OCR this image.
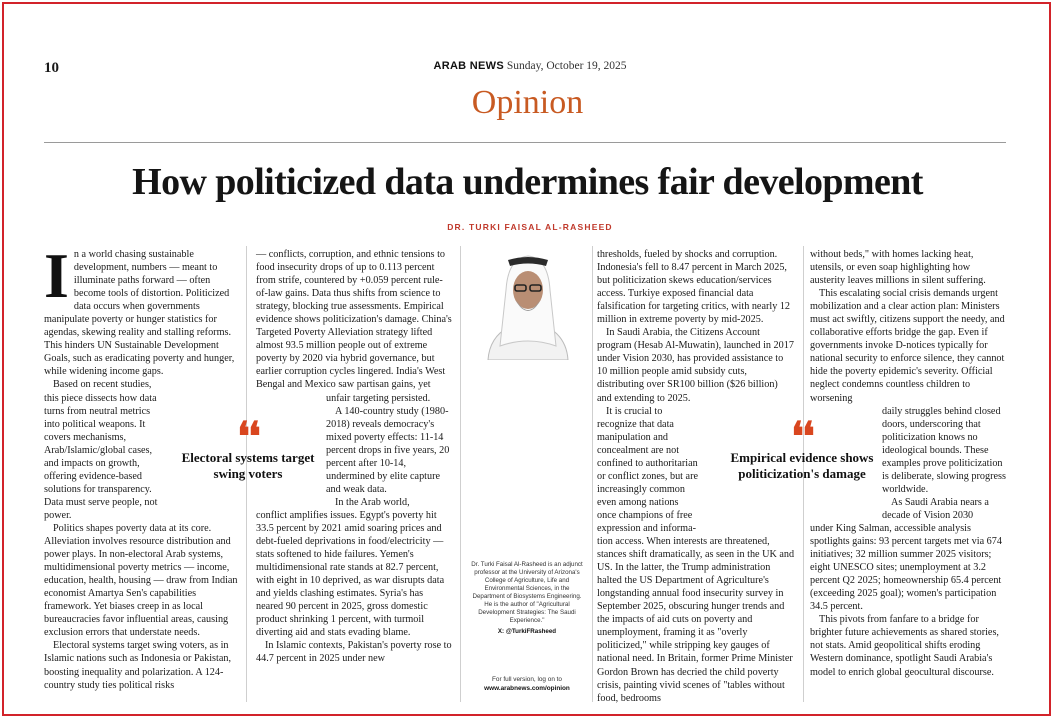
10	ARAB NEWS Sunday, October 19, 2025
Opinion
How politicized data undermines fair development
DR. TURKI FAISAL AL-RASHEED
I n a world chasing sustainable development, numbers — meant to illuminate paths forward — often become tools of distortion. Politicized data occurs when governments manipulate poverty or hunger statistics for agendas, skewing reality and stalling reforms. This hinders UN Sustainable Development Goals, such as eradicating poverty and hunger, while widening income gaps.

Based on recent studies, this piece dissects how data turns from neutral metrics into political weapons. It covers mechanisms, Arab/Islamic/global cases, and impacts on growth, offering evidence-based solutions for transparency. Data must serve people, not power.

Politics shapes poverty data at its core. Alleviation involves resource distribution and power plays. In non-electoral Arab systems, multidimensional poverty metrics — income, education, health, housing — draw from Indian economist Amartya Sen's capabilities framework. Yet biases creep in as local bureaucracies favor influential areas, causing exclusion errors that understate needs.

Electoral systems target swing voters, as in Islamic nations such as Indonesia or Pakistan, boosting inequality and polarization. A 124-country study ties political risks

❛❛
Electoral systems target swing voters

— conflicts, corruption, and ethnic tensions to food insecurity drops of up to 0.113 percent from strife, countered by +0.059 percent rule-of-law gains. Data thus shifts from science to strategy, blocking true assessments. Empirical evidence shows politicization's damage. China's Targeted Poverty Alleviation strategy lifted almost 93.5 million people out of extreme poverty by 2020 via hybrid governance, but earlier corruption cycles lingered. India's West Bengal and Mexico saw partisan gains, yet

unfair targeting persisted.

A 140-country study (1980-2018) reveals democracy's mixed poverty effects: 11-14 percent drops in five years, 20 percent after 10-14, undermined by elite capture and weak data.

In the Arab world,

conflict amplifies issues. Egypt's poverty hit 33.5 percent by 2021 amid soaring prices and debt-fueled deprivations in food/electricity — stats softened to hide failures. Yemen's multidimensional rate stands at 82.7 percent, with eight in 10 deprived, as war disrupts data and yields clashing estimates. Syria's has neared 90 percent in 2025, gross domestic product shrinking 1 percent, with turmoil diverting aid and stats evading blame.

In Islamic contexts, Pakistan's poverty rose to 44.7 percent in 2025 under new

Dr. Turki Faisal Al-Rasheed is an adjunct professor at the University of Arizona's College of Agriculture, Life and Environmental Sciences, in the Department of Biosystems Engineering. He is the author of "Agricultural Development Strategies: The Saudi Experience."
X: @TurkiFRasheed
For full version, log on to
www.arabnews.com/opinion

thresholds, fueled by shocks and corruption. Indonesia's fell to 8.47 percent in March 2025, but politicization skews education/services access. Turkiye exposed financial data falsification for targeting critics, with nearly 12 million in extreme poverty by mid-2025.

In Saudi Arabia, the Citizens Account program (Hesab Al-Muwatin), launched in 2017 under Vision 2030, has provided assistance to 10 million people amid subsidy cuts, distributing over SR100 billion ($26 billion) and extending to 2025.

It is crucial to recognize that data manipulation and concealment are not confined to authoritarian or conflict zones, but are increasingly common even among nations once champions of free expression and informa-

tion access. When interests are threatened, stances shift dramatically, as seen in the UK and US. In the latter, the Trump administration halted the US Department of Agriculture's longstanding annual food insecurity survey in September 2025, obscuring hunger trends and the impacts of aid cuts on poverty and unemployment, framing it as "overly politicized," while stripping key gauges of national need. In Britain, former Prime Minister Gordon Brown has decried the child poverty crisis, painting vivid scenes of "tables without food, bedrooms

❛❛
Empirical evidence shows politicization's damage

without beds," with homes lacking heat, utensils, or even soap highlighting how austerity leaves millions in silent suffering.

This escalating social crisis demands urgent mobilization and a clear action plan: Ministers must act swiftly, citizens support the needy, and collaborative efforts bridge the gap. Even if governments invoke D-notices typically for national security to enforce silence, they cannot hide the poverty epidemic's severity. Official neglect condemns countless children to worsening

daily struggles behind closed doors, underscoring that politicization knows no ideological bounds. These examples prove politicization is deliberate, slowing progress worldwide.

As Saudi Arabia nears a decade of Vision 2030

under King Salman, accessible analysis spotlights gains: 93 percent targets met via 674 initiatives; 32 million summer 2025 visitors; eight UNESCO sites; unemployment at 3.2 percent Q2 2025; homeownership 65.4 percent (exceeding 2025 goal); women's participation 34.5 percent.

This pivots from fanfare to a bridge for brighter future achievements as shared stories, not stats. Amid geopolitical shifts eroding Western dominance, spotlight Saudi Arabia's model to enrich global geocultural discourse.
